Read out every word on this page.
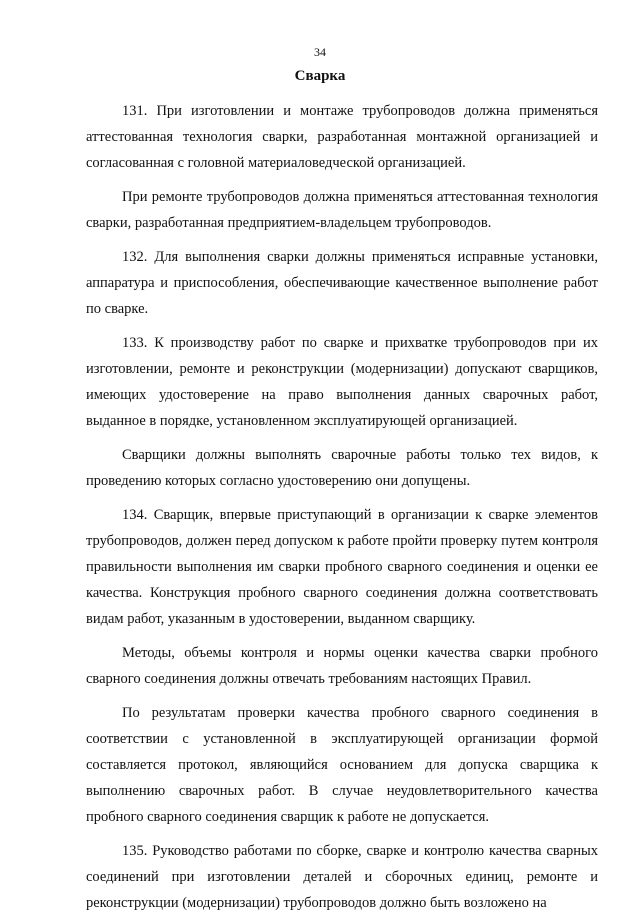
34
Сварка

131. При изготовлении и монтаже трубопроводов должна применяться аттестованная технология сварки, разработанная монтажной организацией и согласованная с головной материаловедческой организацией.

При ремонте трубопроводов должна применяться аттестованная технология сварки, разработанная предприятием-владельцем трубопроводов.

132. Для выполнения сварки должны применяться исправные установки, аппаратура и приспособления, обеспечивающие качественное выполнение работ по сварке.

133. К производству работ по сварке и прихватке трубопроводов при их изготовлении, ремонте и реконструкции (модернизации) допускают сварщиков, имеющих удостоверение на право выполнения данных сварочных работ, выданное в порядке, установленном эксплуатирующей организацией.

Сварщики должны выполнять сварочные работы только тех видов, к проведению которых согласно удостоверению они допущены.

134. Сварщик, впервые приступающий в организации к сварке элементов трубопроводов, должен перед допуском к работе пройти проверку путем контроля правильности выполнения им сварки пробного сварного соединения и оценки ее качества. Конструкция пробного сварного соединения должна соответствовать видам работ, указанным в удостоверении, выданном сварщику.

Методы, объемы контроля и нормы оценки качества сварки пробного сварного соединения должны отвечать требованиям настоящих Правил.

По результатам проверки качества пробного сварного соединения в соответствии с установленной в эксплуатирующей организации формой составляется протокол, являющийся основанием для допуска сварщика к выполнению сварочных работ. В случае неудовлетворительного качества пробного сварного соединения сварщик к работе не допускается.

135. Руководство работами по сборке, сварке и контролю качества сварных соединений при изготовлении деталей и сборочных единиц, ремонте и реконструкции (модернизации) трубопроводов должно быть возложено на
